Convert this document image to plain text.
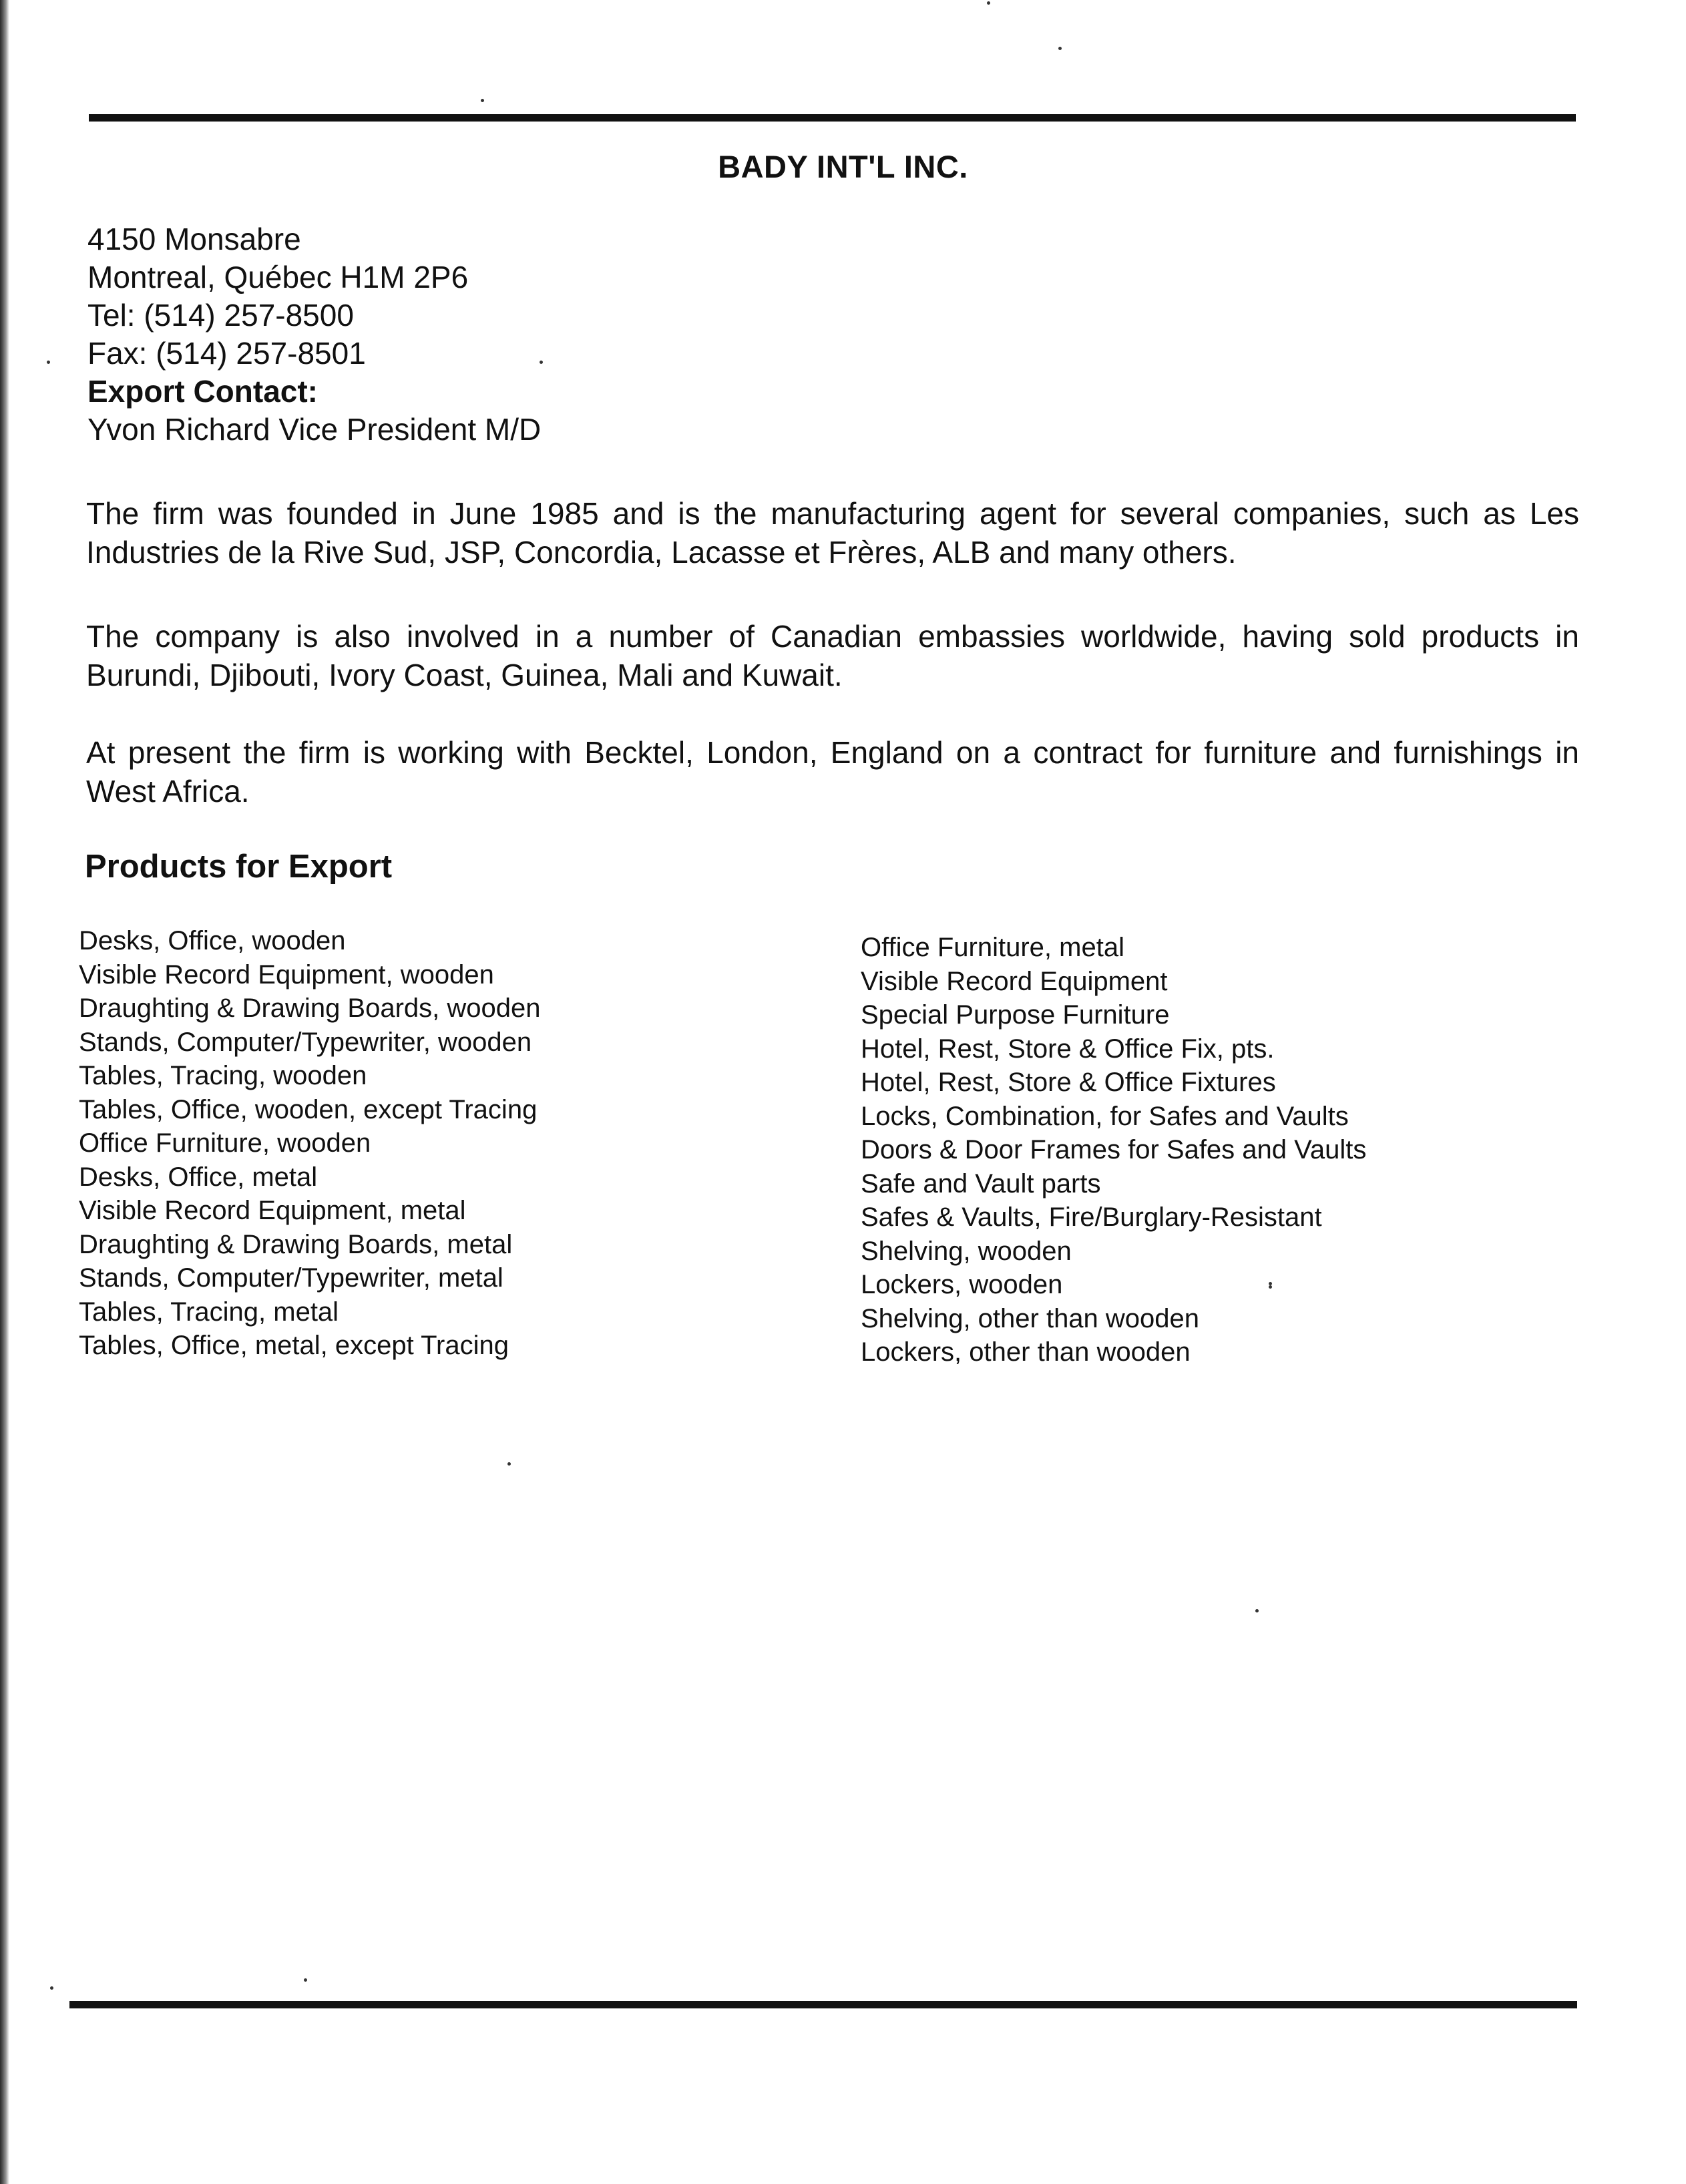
BADY INT'L INC.
4150 Monsabre
Montreal, Québec H1M 2P6
Tel: (514) 257-8500
Fax: (514) 257-8501
Export Contact:
Yvon Richard Vice President M/D

The firm was founded in June 1985 and is the manufacturing agent for several companies, such as Les Industries de la Rive Sud, JSP, Concordia, Lacasse et Frères, ALB and many others.

The company is also involved in a number of Canadian embassies worldwide, having sold products in Burundi, Djibouti, Ivory Coast, Guinea, Mali and Kuwait.

At present the firm is working with Becktel, London, England on a contract for furniture and furnishings in West Africa.

Products for Export
Desks, Office, wooden
Visible Record Equipment, wooden
Draughting & Drawing Boards, wooden
Stands, Computer/Typewriter, wooden
Tables, Tracing, wooden
Tables, Office, wooden, except Tracing
Office Furniture, wooden
Desks, Office, metal
Visible Record Equipment, metal
Draughting & Drawing Boards, metal
Stands, Computer/Typewriter, metal
Tables, Tracing, metal
Tables, Office, metal, except Tracing
Office Furniture, metal
Visible Record Equipment
Special Purpose Furniture
Hotel, Rest, Store & Office Fix, pts.
Hotel, Rest, Store & Office Fixtures
Locks, Combination, for Safes and Vaults
Doors & Door Frames for Safes and Vaults
Safe and Vault parts
Safes & Vaults, Fire/Burglary-Resistant
Shelving, wooden
Lockers, wooden
Shelving, other than wooden
Lockers, other than wooden
